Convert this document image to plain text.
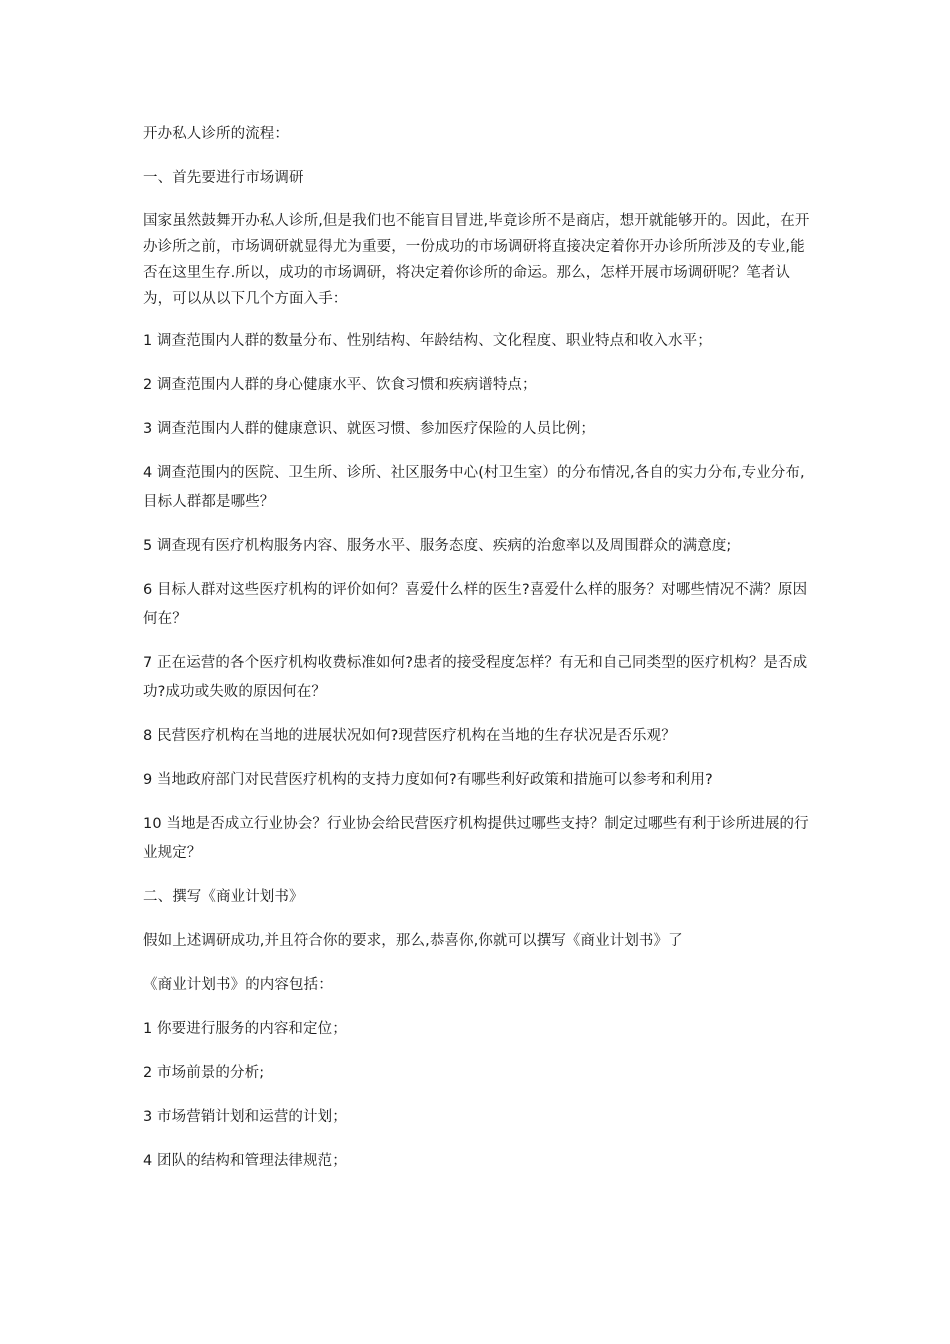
开办私人诊所的流程：

一、首先要进行市场调研

国家虽然鼓舞开办私人诊所,但是我们也不能盲目冒进,毕竟诊所不是商店，想开就能够开的。因此，在开办诊所之前，市场调研就显得尤为重要，一份成功的市场调研将直接决定着你开办诊所所涉及的专业,能否在这里生存.所以，成功的市场调研，将决定着你诊所的命运。那么，怎样开展市场调研呢？笔者认为，可以从以下几个方面入手：

1 调查范围内人群的数量分布、性别结构、年龄结构、文化程度、职业特点和收入水平；

2 调查范围内人群的身心健康水平、饮食习惯和疾病谱特点；

3 调查范围内人群的健康意识、就医习惯、参加医疗保险的人员比例；

4 调查范围内的医院、卫生所、诊所、社区服务中心(村卫生室）的分布情况,各自的实力分布,专业分布,目标人群都是哪些？

5 调查现有医疗机构服务内容、服务水平、服务态度、疾病的治愈率以及周围群众的满意度;

6 目标人群对这些医疗机构的评价如何？喜爱什么样的医生?喜爱什么样的服务？对哪些情况不满？原因何在？

7 正在运营的各个医疗机构收费标准如何?患者的接受程度怎样？有无和自己同类型的医疗机构？是否成功?成功或失败的原因何在？

8 民营医疗机构在当地的进展状况如何?现营医疗机构在当地的生存状况是否乐观？

9 当地政府部门对民营医疗机构的支持力度如何?有哪些利好政策和措施可以参考和利用?

10 当地是否成立行业协会？行业协会给民营医疗机构提供过哪些支持？制定过哪些有利于诊所进展的行业规定？

二、撰写《商业计划书》

假如上述调研成功,并且符合你的要求，那么,恭喜你,你就可以撰写《商业计划书》了

《商业计划书》的内容包括：

1 你要进行服务的内容和定位；

2 市场前景的分析;

3 市场营销计划和运营的计划；

4 团队的结构和管理法律规范；
